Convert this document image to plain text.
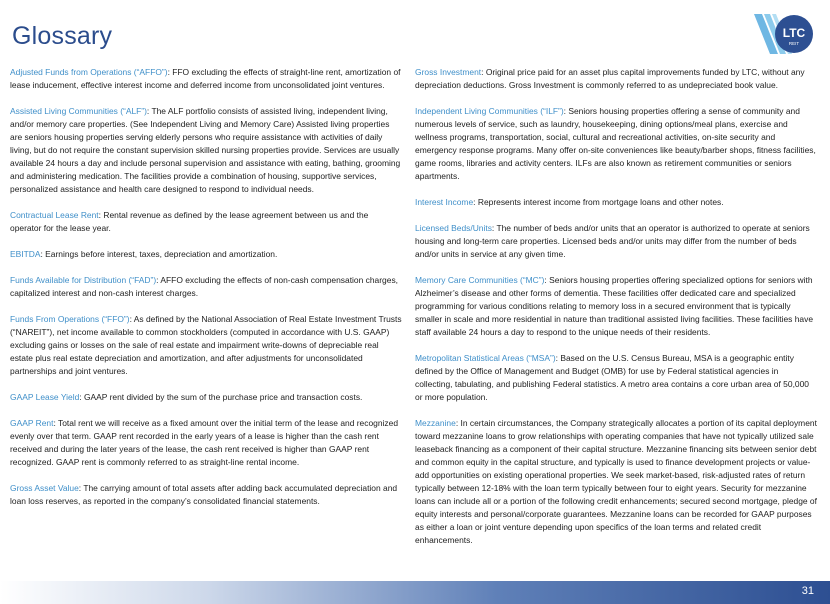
Glossary	LTC
REIT

Adjusted Funds from Operations (“AFFO”): FFO excluding the effects of straight-line rent, amortization of lease inducement, effective interest income and deferred income from unconsolidated joint ventures.

Assisted Living Communities (“ALF”): The ALF portfolio consists of assisted living, independent living, and/or memory care properties. (See Independent Living and Memory Care) Assisted living properties are seniors housing properties serving elderly persons who require assistance with activities of daily living, but do not require the constant supervision skilled nursing properties provide. Services are usually available 24 hours a day and include personal supervision and assistance with eating, bathing, grooming and administering medication. The facilities provide a combination of housing, supportive services, personalized assistance and health care designed to respond to individual needs.

Contractual Lease Rent: Rental revenue as defined by the lease agreement between us and the operator for the lease year.

EBITDA: Earnings before interest, taxes, depreciation and amortization.

Funds Available for Distribution (“FAD”): AFFO excluding the effects of non-cash compensation charges, capitalized interest and non-cash interest charges.

Funds From Operations (“FFO”): As defined by the National Association of Real Estate Investment Trusts (“NAREIT”), net income available to common stockholders (computed in accordance with U.S. GAAP) excluding gains or losses on the sale of real estate and impairment write-downs of depreciable real estate plus real estate depreciation and amortization, and after adjustments for unconsolidated partnerships and joint ventures.

GAAP Lease Yield: GAAP rent divided by the sum of the purchase price and transaction costs.

GAAP Rent: Total rent we will receive as a fixed amount over the initial term of the lease and recognized evenly over that term. GAAP rent recorded in the early years of a lease is higher than the cash rent received and during the later years of the lease, the cash rent received is higher than GAAP rent recognized. GAAP rent is commonly referred to as straight-line rental income.

Gross Asset Value: The carrying amount of total assets after adding back accumulated depreciation and loan loss reserves, as reported in the company’s consolidated financial statements.

Gross Investment: Original price paid for an asset plus capital improvements funded by LTC, without any depreciation deductions. Gross Investment is commonly referred to as undepreciated book value.

Independent Living Communities (“ILF”): Seniors housing properties offering a sense of community and numerous levels of service, such as laundry, housekeeping, dining options/meal plans, exercise and wellness programs, transportation, social, cultural and recreational activities, on-site security and emergency response programs. Many offer on-site conveniences like beauty/barber shops, fitness facilities, game rooms, libraries and activity centers. ILFs are also known as retirement communities or seniors apartments.

Interest Income: Represents interest income from mortgage loans and other notes.

Licensed Beds/Units: The number of beds and/or units that an operator is authorized to operate at seniors housing and long-term care properties. Licensed beds and/or units may differ from the number of beds and/or units in service at any given time.

Memory Care Communities (“MC”): Seniors housing properties offering specialized options for seniors with Alzheimer’s disease and other forms of dementia. These facilities offer dedicated care and specialized programming for various conditions relating to memory loss in a secured environment that is typically smaller in scale and more residential in nature than traditional assisted living facilities. These facilities have staff available 24 hours a day to respond to the unique needs of their residents.

Metropolitan Statistical Areas (“MSA”): Based on the U.S. Census Bureau, MSA is a geographic entity defined by the Office of Management and Budget (OMB) for use by Federal statistical agencies in collecting, tabulating, and publishing Federal statistics. A metro area contains a core urban area of 50,000 or more population.

Mezzanine: In certain circumstances, the Company strategically allocates a portion of its capital deployment toward mezzanine loans to grow relationships with operating companies that have not typically utilized sale leaseback financing as a component of their capital structure. Mezzanine financing sits between senior debt and common equity in the capital structure, and typically is used to finance development projects or value-add opportunities on existing operational properties. We seek market-based, risk-adjusted rates of return typically between 12-18% with the loan term typically between four to eight years. Security for mezzanine loans can include all or a portion of the following credit enhancements; secured second mortgage, pledge of equity interests and personal/corporate guarantees. Mezzanine loans can be recorded for GAAP purposes as either a loan or joint venture depending upon specifics of the loan terms and related credit enhancements.

31
